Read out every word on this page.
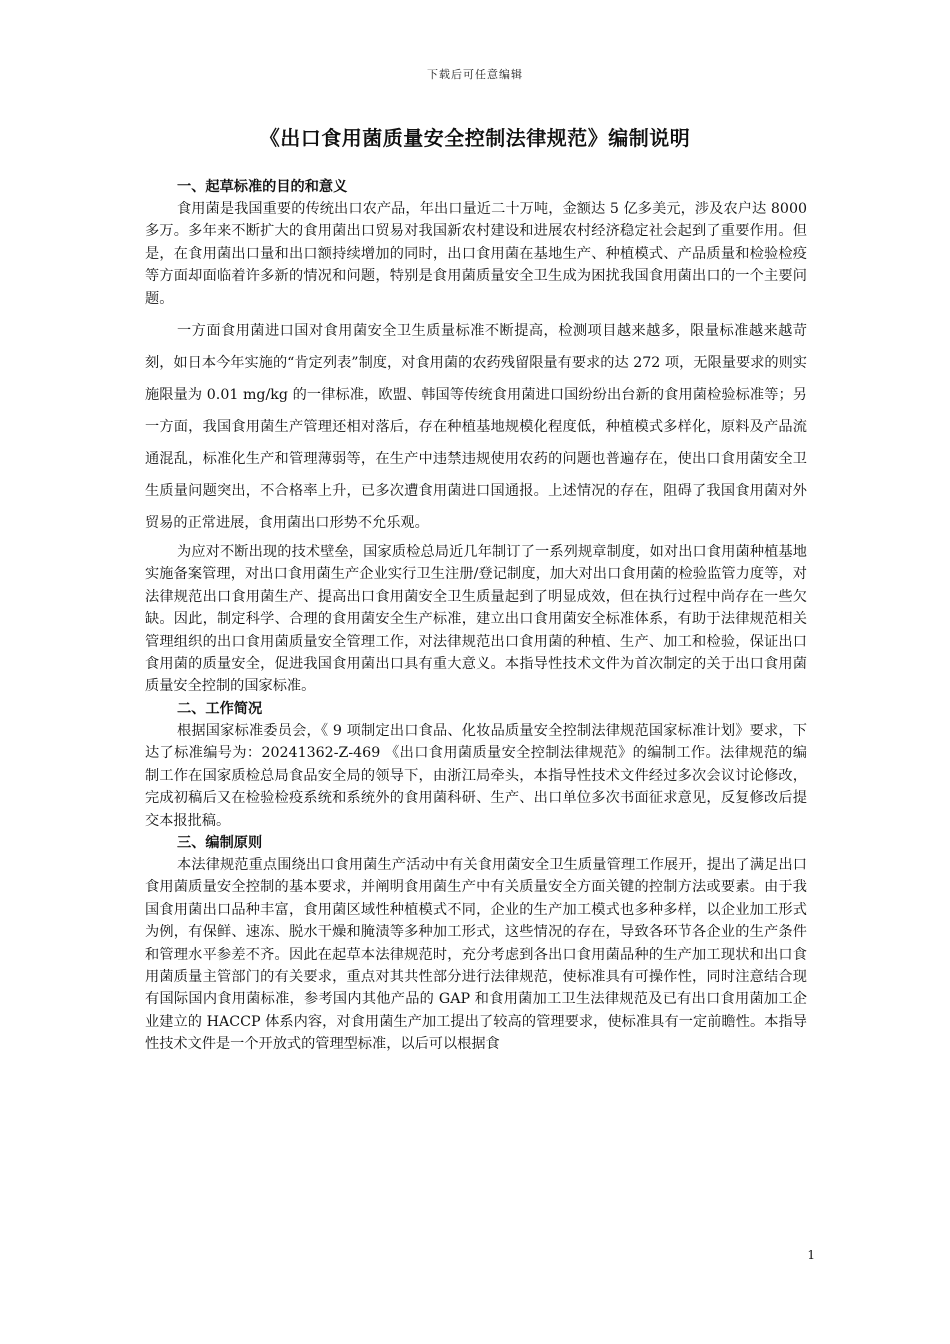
下载后可任意编辑
《出口食用菌质量安全控制法律规范》编制说明

一、起草标准的目的和意义

食用菌是我国重要的传统出口农产品，年出口量近二十万吨，金额达 5 亿多美元，涉及农户达 8000 多万。多年来不断扩大的食用菌出口贸易对我国新农村建设和进展农村经济稳定社会起到了重要作用。但是，在食用菌出口量和出口额持续增加的同时，出口食用菌在基地生产、种植模式、产品质量和检验检疫等方面却面临着许多新的情况和问题，特别是食用菌质量安全卫生成为困扰我国食用菌出口的一个主要问题。

一方面食用菌进口国对食用菌安全卫生质量标准不断提高，检测项目越来越多，限量标准越来越苛刻，如日本今年实施的“肯定列表”制度，对食用菌的农药残留限量有要求的达 272 项，无限量要求的则实施限量为 0.01 mg/kg 的一律标准，欧盟、韩国等传统食用菌进口国纷纷出台新的食用菌检验标准等；另一方面，我国食用菌生产管理还相对落后，存在种植基地规模化程度低，种植模式多样化，原料及产品流通混乱，标准化生产和管理薄弱等，在生产中违禁违规使用农药的问题也普遍存在，使出口食用菌安全卫生质量问题突出，不合格率上升，已多次遭食用菌进口国通报。上述情况的存在，阻碍了我国食用菌对外贸易的正常进展，食用菌出口形势不允乐观。

为应对不断出现的技术壁垒，国家质检总局近几年制订了一系列规章制度，如对出口食用菌种植基地实施备案管理，对出口食用菌生产企业实行卫生注册/登记制度，加大对出口食用菌的检验监管力度等，对法律规范出口食用菌生产、提高出口食用菌安全卫生质量起到了明显成效，但在执行过程中尚存在一些欠缺。因此，制定科学、合理的食用菌安全生产标准，建立出口食用菌安全标准体系，有助于法律规范相关管理组织的出口食用菌质量安全管理工作，对法律规范出口食用菌的种植、生产、加工和检验，保证出口食用菌的质量安全，促进我国食用菌出口具有重大意义。本指导性技术文件为首次制定的关于出口食用菌质量安全控制的国家标准。

二、工作简况

根据国家标准委员会，《 9 项制定出口食品、化妆品质量安全控制法律规范国家标准计划》要求，下达了标准编号为：20241362-Z-469 《出口食用菌质量安全控制法律规范》的编制工作。法律规范的编制工作在国家质检总局食品安全局的领导下，由浙江局牵头，本指导性技术文件经过多次会议讨论修改，完成初稿后又在检验检疫系统和系统外的食用菌科研、生产、出口单位多次书面征求意见，反复修改后提交本报批稿。

三、编制原则

本法律规范重点围绕出口食用菌生产活动中有关食用菌安全卫生质量管理工作展开，提出了满足出口食用菌质量安全控制的基本要求，并阐明食用菌生产中有关质量安全方面关键的控制方法或要素。由于我国食用菌出口品种丰富，食用菌区域性种植模式不同，企业的生产加工模式也多种多样，以企业加工形式为例，有保鲜、速冻、脱水干燥和腌渍等多种加工形式，这些情况的存在，导致各环节各企业的生产条件和管理水平参差不齐。因此在起草本法律规范时，充分考虑到各出口食用菌品种的生产加工现状和出口食用菌质量主管部门的有关要求，重点对其共性部分进行法律规范，使标准具有可操作性，同时注意结合现有国际国内食用菌标准，参考国内其他产品的 GAP 和食用菌加工卫生法律规范及已有出口食用菌加工企业建立的 HACCP 体系内容，对食用菌生产加工提出了较高的管理要求，使标准具有一定前瞻性。本指导性技术文件是一个开放式的管理型标准，以后可以根据食

1
